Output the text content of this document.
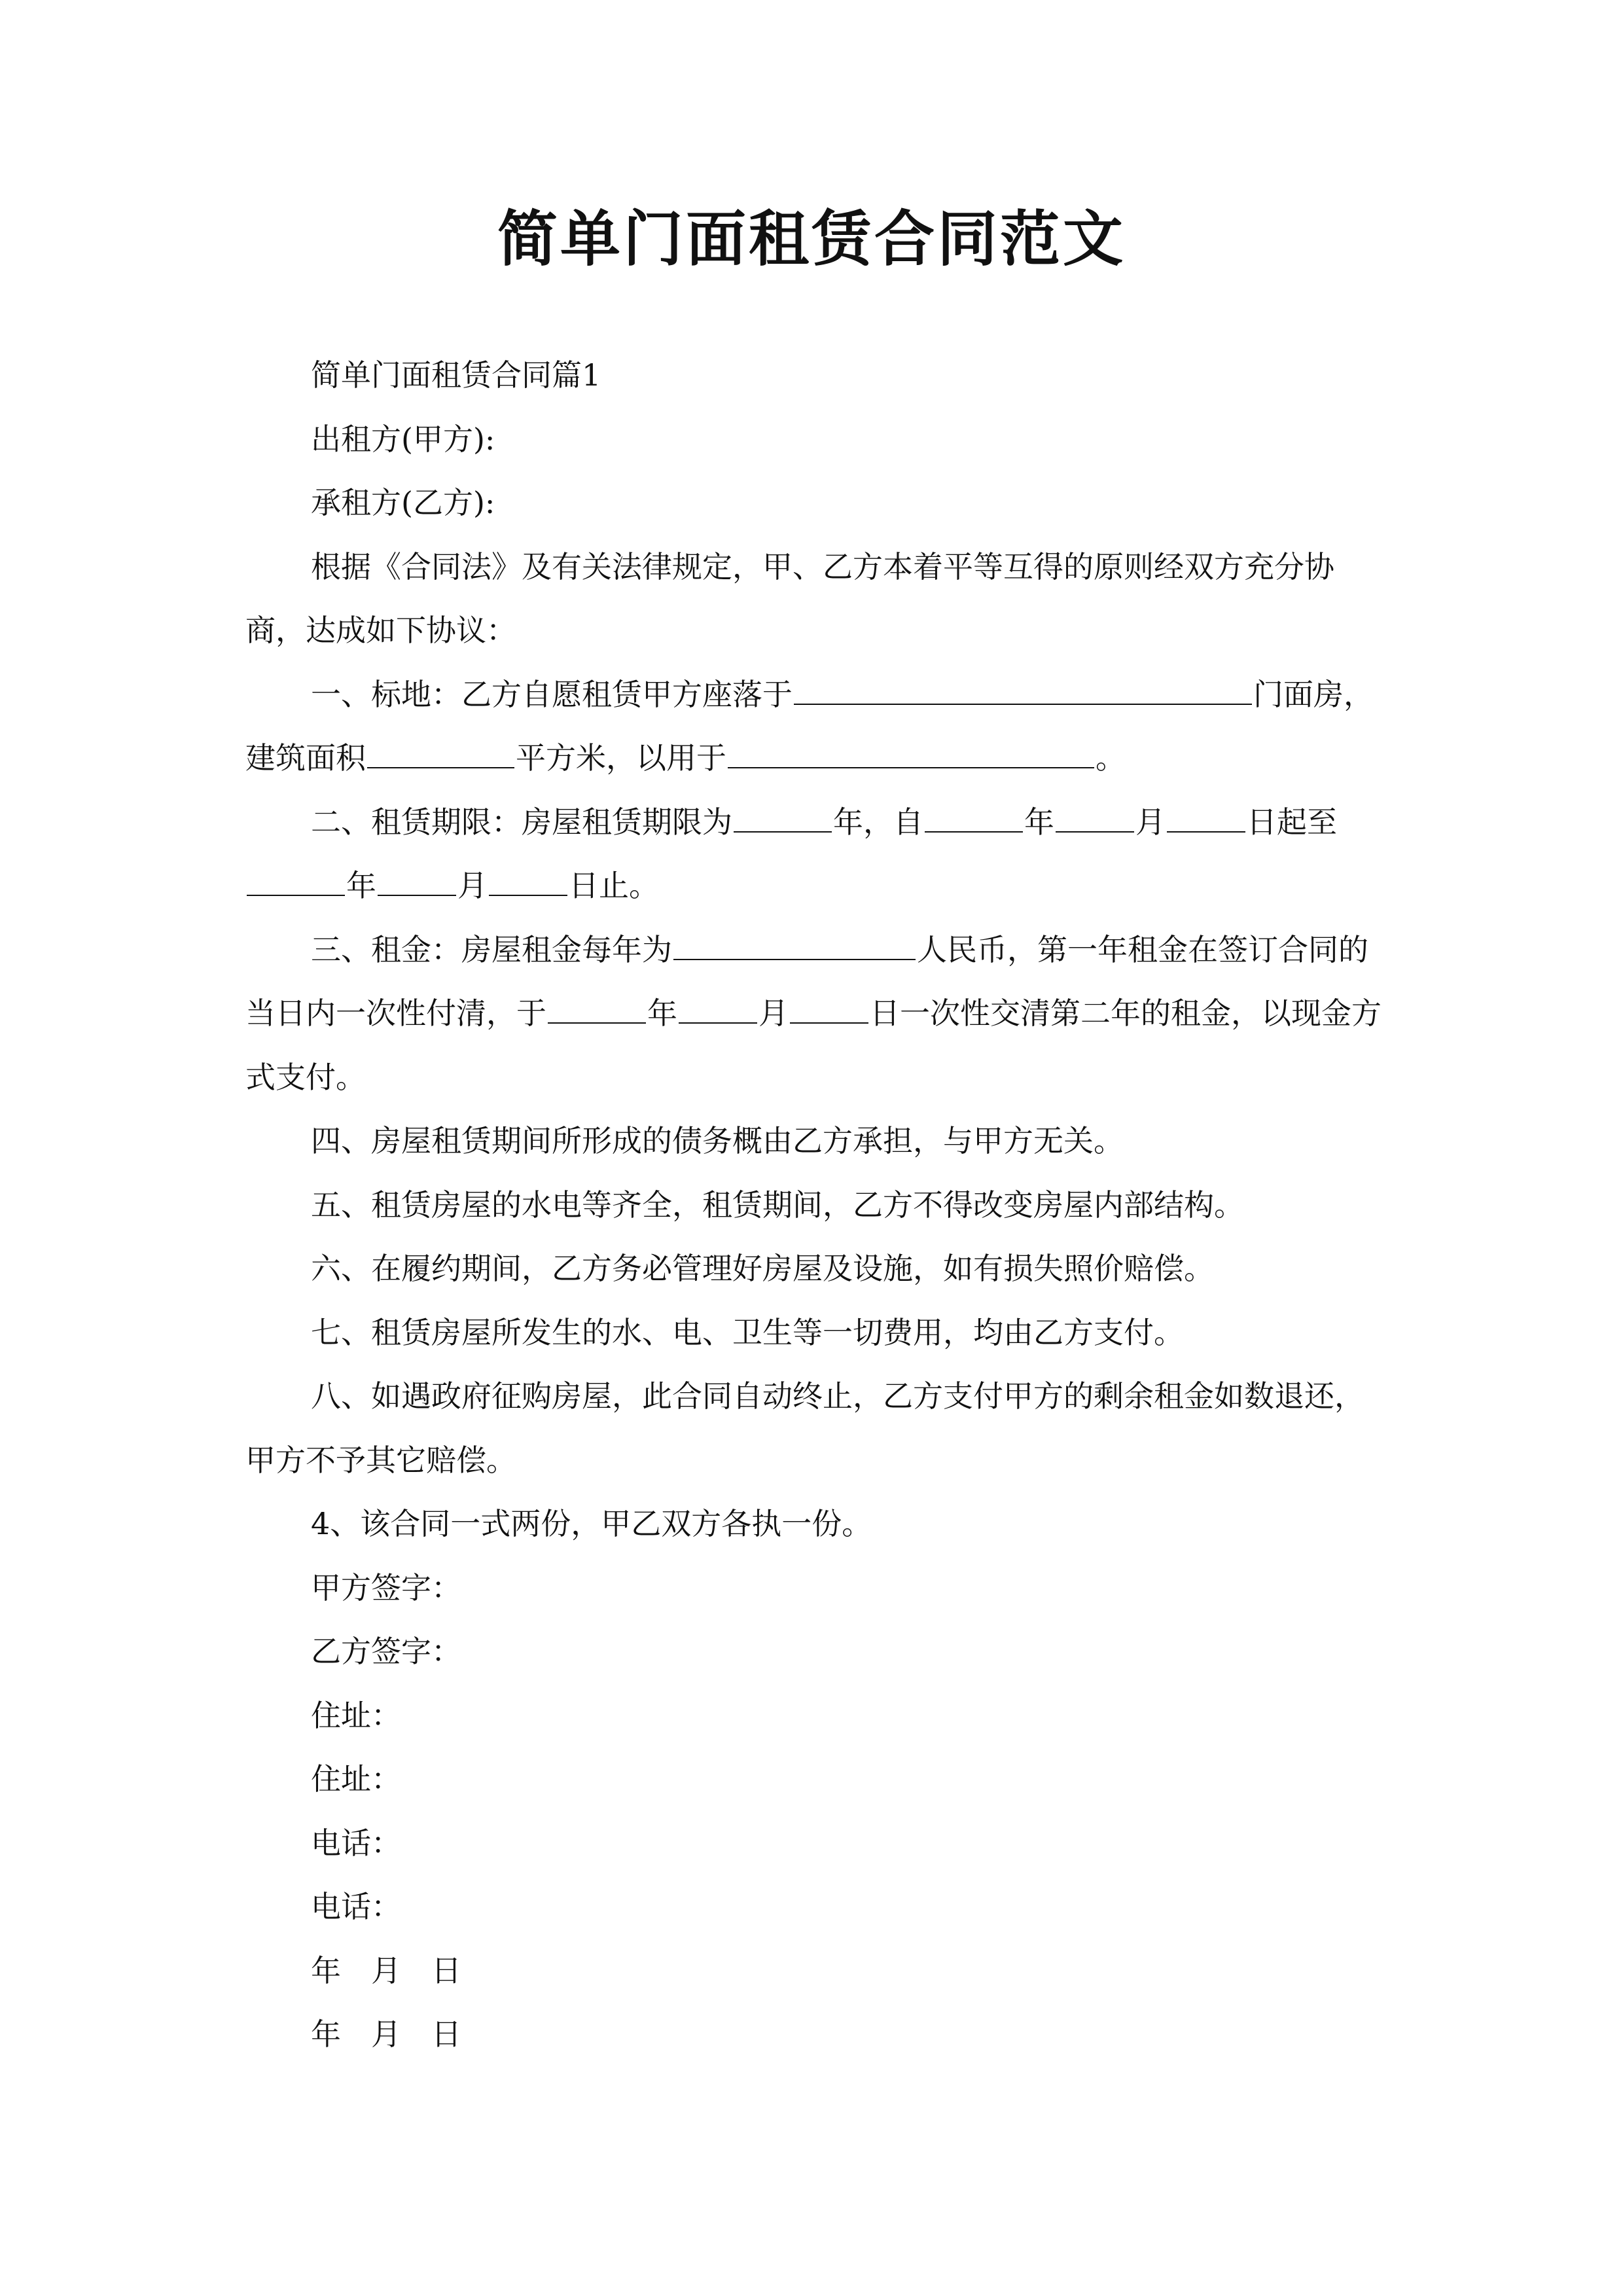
简单门面租赁合同范文

简单门面租赁合同篇1

出租方(甲方):

承租方(乙方):

根据《合同法》及有关法律规定，甲、乙方本着平等互得的原则经双方充分协商，达成如下协议：

一、标地：乙方自愿租赁甲方座落于	门面房，建筑面积	平方米，以用于	。

二、租赁期限：房屋租赁期限为	年，自	年	月	日起至年	月	日止。

三、租金：房屋租金每年为	人民币，第一年租金在签订合同的当日内一次性付清，于	年	月	日一次性交清第二年的租金，以现金方式支付。

四、房屋租赁期间所形成的债务概由乙方承担，与甲方无关。

五、租赁房屋的水电等齐全，租赁期间，乙方不得改变房屋内部结构。

六、在履约期间，乙方务必管理好房屋及设施，如有损失照价赔偿。

七、租赁房屋所发生的水、电、卫生等一切费用，均由乙方支付。

八、如遇政府征购房屋，此合同自动终止，乙方支付甲方的剩余租金如数退还，甲方不予其它赔偿。

4、该合同一式两份，甲乙双方各执一份。

甲方签字：

乙方签字：

住址：

住址：

电话：

电话：

年 月 日

年 月 日
